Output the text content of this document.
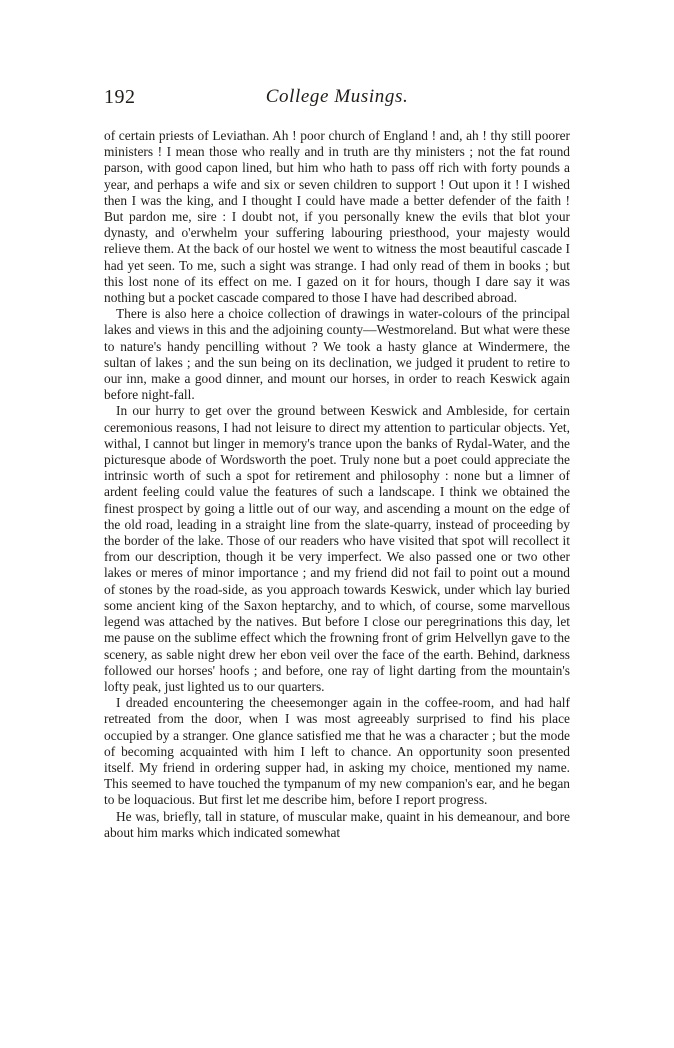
192	College Musings.

of certain priests of Leviathan. Ah ! poor church of England ! and, ah ! thy still poorer ministers ! I mean those who really and in truth are thy ministers ; not the fat round parson, with good capon lined, but him who hath to pass off rich with forty pounds a year, and perhaps a wife and six or seven children to support ! Out upon it ! I wished then I was the king, and I thought I could have made a better defender of the faith ! But pardon me, sire : I doubt not, if you personally knew the evils that blot your dynasty, and o'erwhelm your suffering labouring priesthood, your majesty would relieve them. At the back of our hostel we went to witness the most beautiful cascade I had yet seen. To me, such a sight was strange. I had only read of them in books ; but this lost none of its effect on me. I gazed on it for hours, though I dare say it was nothing but a pocket cascade compared to those I have had described abroad.

There is also here a choice collection of drawings in water-colours of the principal lakes and views in this and the adjoining county—Westmoreland. But what were these to nature's handy pencilling without ? We took a hasty glance at Windermere, the sultan of lakes ; and the sun being on its declination, we judged it prudent to retire to our inn, make a good dinner, and mount our horses, in order to reach Keswick again before night-fall.

In our hurry to get over the ground between Keswick and Ambleside, for certain ceremonious reasons, I had not leisure to direct my attention to particular objects. Yet, withal, I cannot but linger in memory's trance upon the banks of Rydal-Water, and the picturesque abode of Wordsworth the poet. Truly none but a poet could appreciate the intrinsic worth of such a spot for retirement and philosophy : none but a limner of ardent feeling could value the features of such a landscape. I think we obtained the finest prospect by going a little out of our way, and ascending a mount on the edge of the old road, leading in a straight line from the slate-quarry, instead of proceeding by the border of the lake. Those of our readers who have visited that spot will recollect it from our description, though it be very imperfect. We also passed one or two other lakes or meres of minor importance ; and my friend did not fail to point out a mound of stones by the road-side, as you approach towards Keswick, under which lay buried some ancient king of the Saxon heptarchy, and to which, of course, some marvellous legend was attached by the natives. But before I close our peregrinations this day, let me pause on the sublime effect which the frowning front of grim Helvellyn gave to the scenery, as sable night drew her ebon veil over the face of the earth. Behind, darkness followed our horses' hoofs ; and before, one ray of light darting from the mountain's lofty peak, just lighted us to our quarters.

I dreaded encountering the cheesemonger again in the coffee-room, and had half retreated from the door, when I was most agreeably surprised to find his place occupied by a stranger. One glance satisfied me that he was a character ; but the mode of becoming acquainted with him I left to chance. An opportunity soon presented itself. My friend in ordering supper had, in asking my choice, mentioned my name. This seemed to have touched the tympanum of my new companion's ear, and he began to be loquacious. But first let me describe him, before I report progress.

He was, briefly, tall in stature, of muscular make, quaint in his demeanour, and bore about him marks which indicated somewhat
